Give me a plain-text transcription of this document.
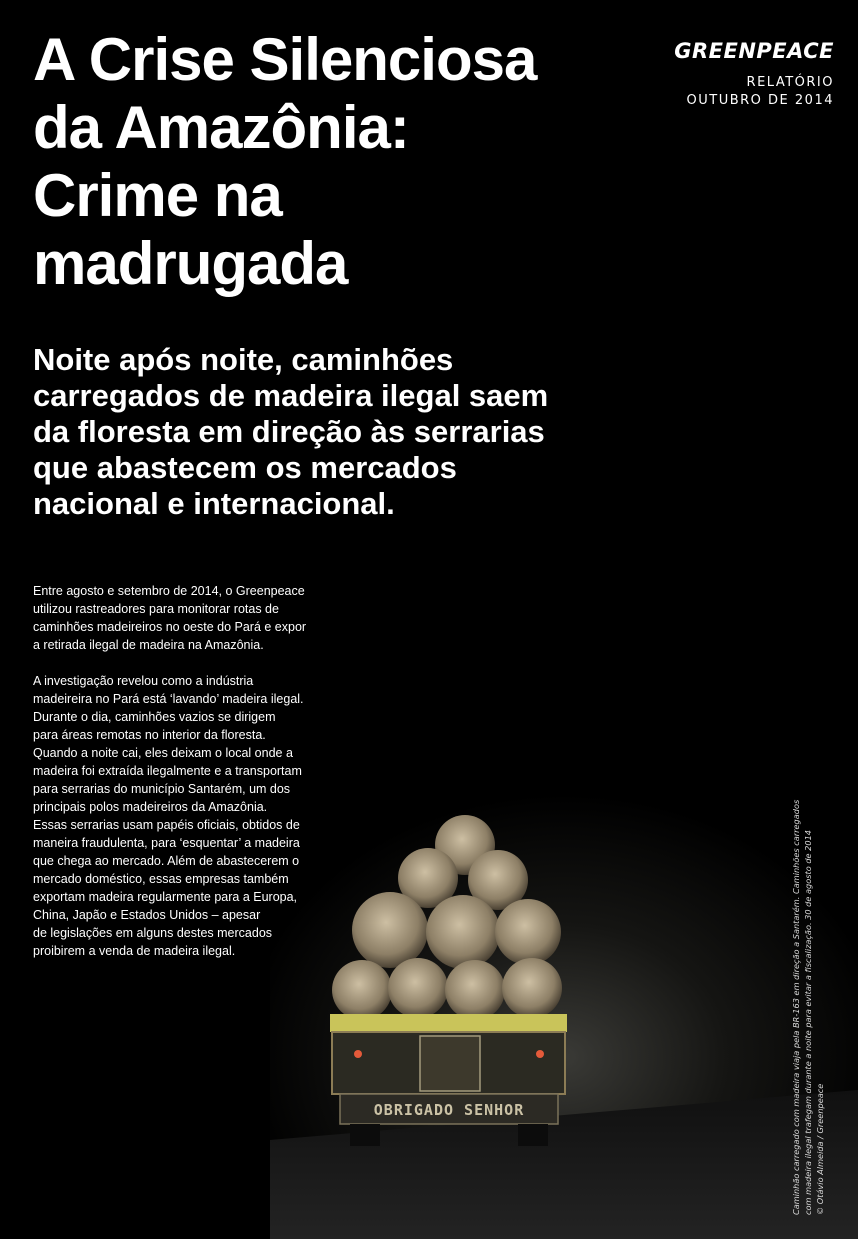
OBRIGADO SENHOR
A Crise Silenciosa
da Amazônia:
Crime na
madrugada
GREENPEACE
RELATÓRIO
OUTUBRO DE 2014
Noite após noite, caminhões
carregados de madeira ilegal saem
da floresta em direção às serrarias
que abastecem os mercados
nacional e internacional.
Entre agosto e setembro de 2014, o Greenpeace
utilizou rastreadores para monitorar rotas de
caminhões madeireiros no oeste do Pará e expor
a retirada ilegal de madeira na Amazônia.
A investigação revelou como a indústria
madeireira no Pará está ‘lavando’ madeira ilegal.
Durante o dia, caminhões vazios se dirigem
para áreas remotas no interior da floresta.
Quando a noite cai, eles deixam o local onde a
madeira foi extraída ilegalmente e a transportam
para serrarias do município Santarém, um dos
principais polos madeireiros da Amazônia.
Essas serrarias usam papéis oficiais, obtidos de
maneira fraudulenta, para ‘esquentar’ a madeira
que chega ao mercado. Além de abastecerem o
mercado doméstico, essas empresas também
exportam madeira regularmente para a Europa,
China, Japão e Estados Unidos – apesar
de legislações em alguns destes mercados
proibirem a venda de madeira ilegal.	Caminhão carregado com madeira viaja pela BR-163 em direção a Santarém. Caminhões carregados com madeira ilegal trafegam durante a noite para evitar a fiscalização. 30 de agosto de 2014 © Otávio Almeida / Greenpeace
